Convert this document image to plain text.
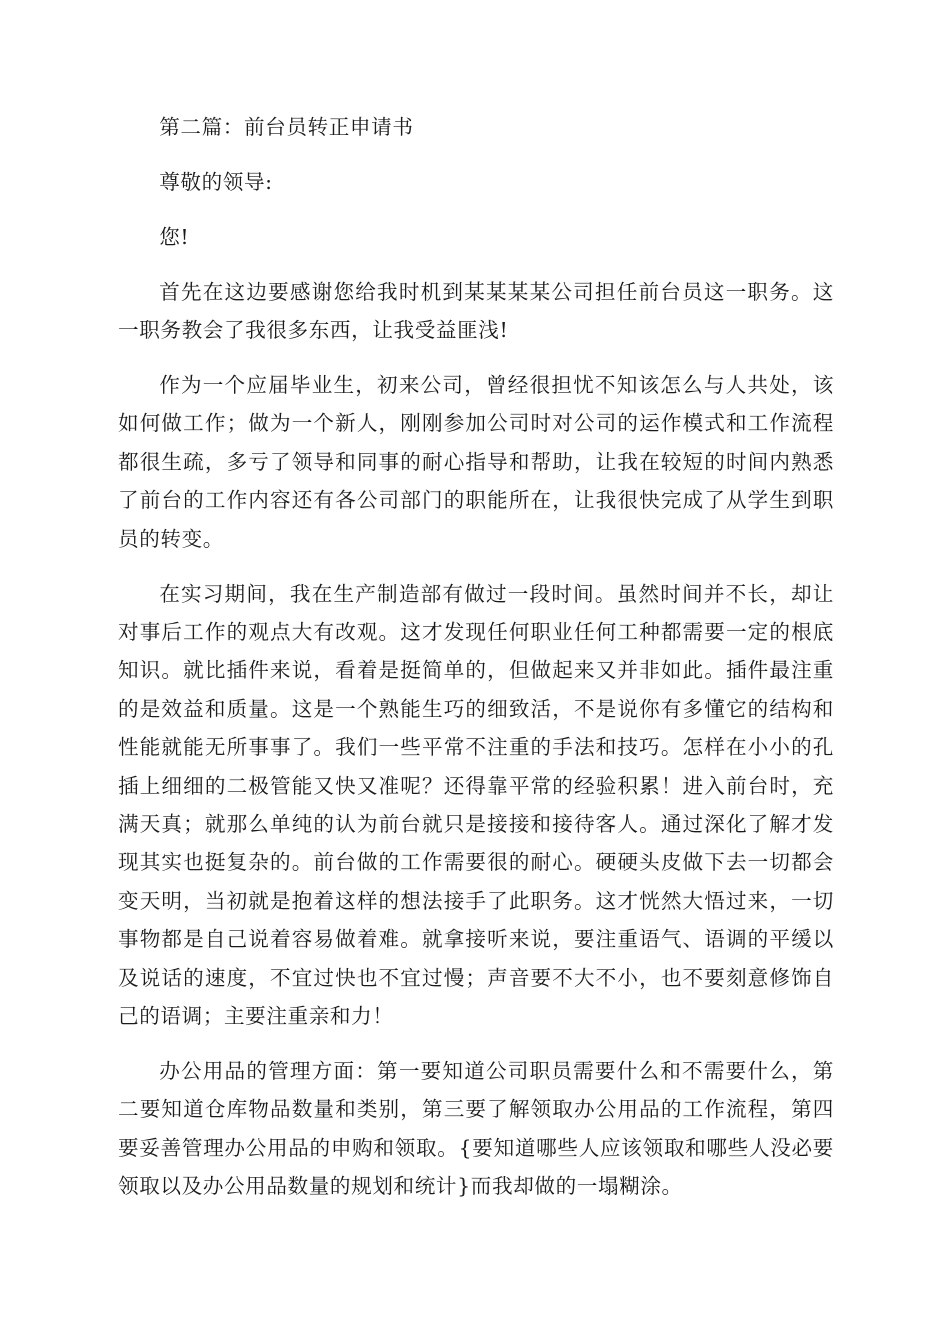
第二篇：前台员转正申请书

尊敬的领导:

您!

首先在这边要感谢您给我时机到某某某某公司担任前台员这一职务。这一职务教会了我很多东西，让我受益匪浅!

作为一个应届毕业生，初来公司，曾经很担忧不知该怎么与人共处，该如何做工作；做为一个新人，刚刚参加公司时对公司的运作模式和工作流程都很生疏，多亏了领导和同事的耐心指导和帮助，让我在较短的时间内熟悉了前台的工作内容还有各公司部门的职能所在，让我很快完成了从学生到职员的转变。

在实习期间，我在生产制造部有做过一段时间。虽然时间并不长，却让对事后工作的观点大有改观。这才发现任何职业任何工种都需要一定的根底知识。就比插件来说，看着是挺简单的，但做起来又并非如此。插件最注重的是效益和质量。这是一个熟能生巧的细致活，不是说你有多懂它的结构和性能就能无所事事了。我们一些平常不注重的手法和技巧。怎样在小小的孔插上细细的二极管能又快又准呢？还得靠平常的经验积累！进入前台时，充满天真；就那么单纯的认为前台就只是接接和接待客人。通过深化了解才发现其实也挺复杂的。前台做的工作需要很的耐心。硬硬头皮做下去一切都会变天明，当初就是抱着这样的想法接手了此职务。这才恍然大悟过来，一切事物都是自己说着容易做着难。就拿接听来说，要注重语气、语调的平缓以及说话的速度，不宜过快也不宜过慢；声音要不大不小，也不要刻意修饰自己的语调；主要注重亲和力！

办公用品的管理方面：第一要知道公司职员需要什么和不需要什么，第二要知道仓库物品数量和类别，第三要了解领取办公用品的工作流程，第四要妥善管理办公用品的申购和领取。{要知道哪些人应该领取和哪些人没必要领取以及办公用品数量的规划和统计}而我却做的一塌糊涂。
